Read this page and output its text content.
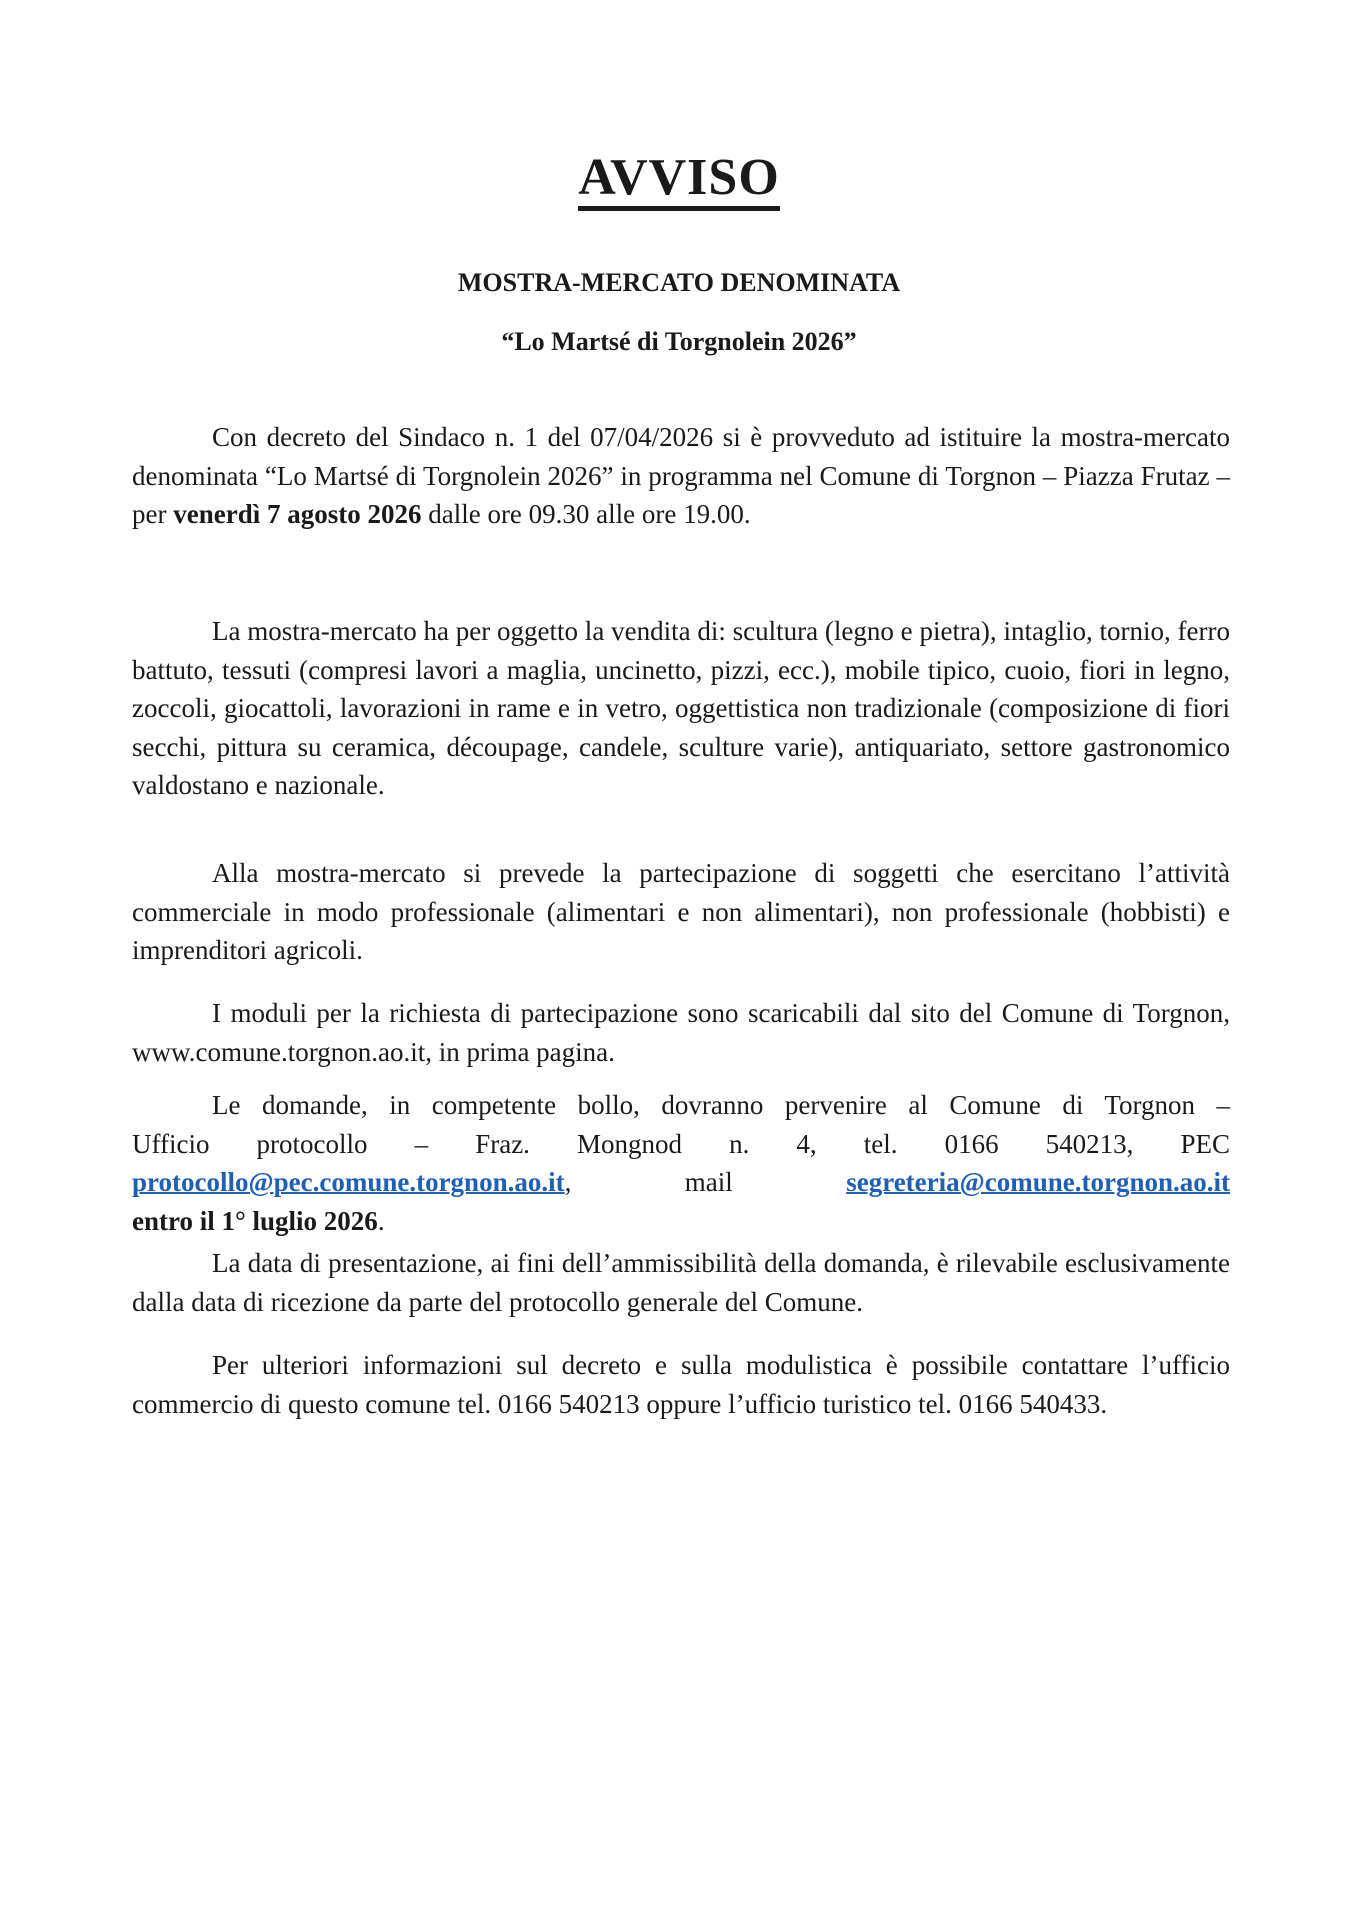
AVVISO
MOSTRA-MERCATO DENOMINATA
“Lo Martsé di Torgnolein 2026”
Con decreto del Sindaco n. 1 del 07/04/2026 si è provveduto ad istituire la mostra-mercato denominata “Lo Martsé di Torgnolein 2026” in programma nel Comune di Torgnon – Piazza Frutaz – per venerdì 7 agosto 2026 dalle ore 09.30 alle ore 19.00.
La mostra-mercato ha per oggetto la vendita di: scultura (legno e pietra), intaglio, tornio, ferro battuto, tessuti (compresi lavori a maglia, uncinetto, pizzi, ecc.), mobile tipico, cuoio, fiori in legno, zoccoli, giocattoli, lavorazioni in rame e in vetro, oggettistica non tradizionale (composizione di fiori secchi, pittura su ceramica, découpage, candele, sculture varie), antiquariato, settore gastronomico valdostano e nazionale.
Alla mostra-mercato si prevede la partecipazione di soggetti che esercitano l’attività commerciale in modo professionale (alimentari e non alimentari), non professionale (hobbisti) e imprenditori agricoli.
I moduli per la richiesta di partecipazione sono scaricabili dal sito del Comune di Torgnon, www.comune.torgnon.ao.it, in prima pagina.
Le domande, in competente bollo, dovranno pervenire al Comune di Torgnon –
Ufficio protocollo – Fraz. Mongnod n. 4, tel. 0166 540213, PEC
protocollo@pec.comune.torgnon.ao.it, mail	segreteria@comune.torgnon.ao.it
entro il 1° luglio 2026.
La data di presentazione, ai fini dell’ammissibilità della domanda, è rilevabile esclusivamente dalla data di ricezione da parte del protocollo generale del Comune.
Per ulteriori informazioni sul decreto e sulla modulistica è possibile contattare l’ufficio commercio di questo comune tel. 0166 540213 oppure l’ufficio turistico tel. 0166 540433.
